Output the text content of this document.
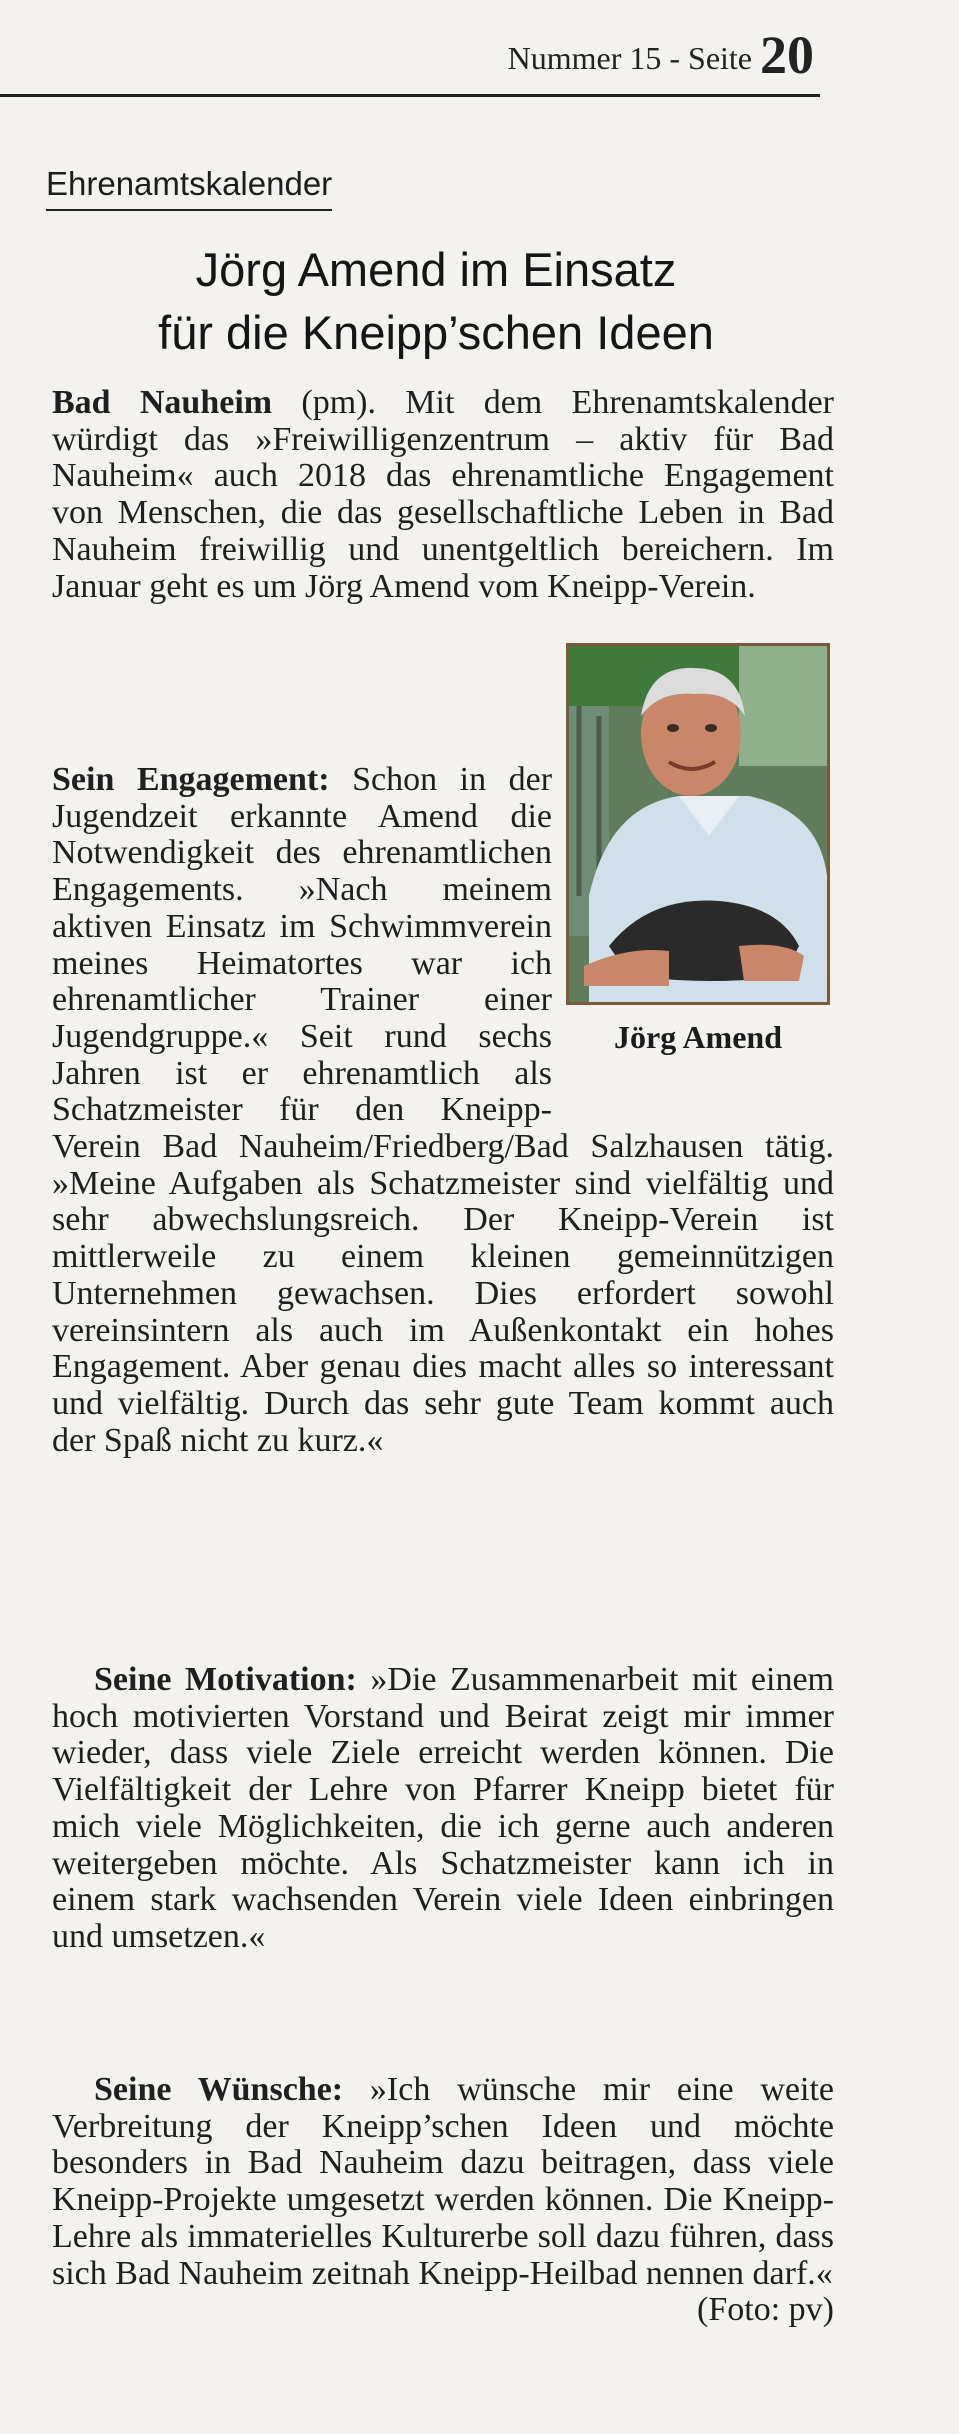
Nummer 15 - Seite 20
Ehrenamtskalender
Jörg Amend im Einsatz
für die Kneipp’schen Ideen
Jörg Amend

Bad Nauheim (pm). Mit dem Ehrenamtskalender würdigt das »Freiwilligenzentrum – aktiv für Bad Nauheim« auch 2018 das ehrenamtliche Engagement von Menschen, die das gesellschaftliche Leben in Bad Nauheim freiwillig und unentgeltlich bereichern. Im Januar geht es um Jörg Amend vom Kneipp-Verein.

Sein Engagement: Schon in der Jugendzeit erkannte Amend die Notwendigkeit des ehrenamtlichen Engagements. »Nach meinem aktiven Einsatz im Schwimmverein meines Heimatortes war ich ehrenamtlicher Trainer einer Jugendgruppe.« Seit rund sechs Jahren ist er ehrenamtlich als Schatzmeister für den Kneipp-Verein Bad Nauheim/Friedberg/Bad Salzhausen tätig. »Meine Aufgaben als Schatzmeister sind vielfältig und sehr abwechslungsreich. Der Kneipp-Verein ist mittlerweile zu einem kleinen gemeinnützigen Unternehmen gewachsen. Dies erfordert sowohl vereinsintern als auch im Außenkontakt ein hohes Engagement. Aber genau dies macht alles so interessant und vielfältig. Durch das sehr gute Team kommt auch der Spaß nicht zu kurz.«

Seine Motivation: »Die Zusammenarbeit mit einem hoch motivierten Vorstand und Beirat zeigt mir immer wieder, dass viele Ziele erreicht werden können. Die Vielfältigkeit der Lehre von Pfarrer Kneipp bietet für mich viele Möglichkeiten, die ich gerne auch anderen weitergeben möchte. Als Schatzmeister kann ich in einem stark wachsenden Verein viele Ideen einbringen und umsetzen.«

Seine Wünsche: »Ich wünsche mir eine weite Verbreitung der Kneipp’schen Ideen und möchte besonders in Bad Nauheim dazu beitragen, dass viele Kneipp-Projekte umgesetzt werden können. Die Kneipp-Lehre als immaterielles Kulturerbe soll dazu führen, dass sich Bad Nauheim zeitnah Kneipp-Heilbad nennen darf.«
(Foto: pv)
